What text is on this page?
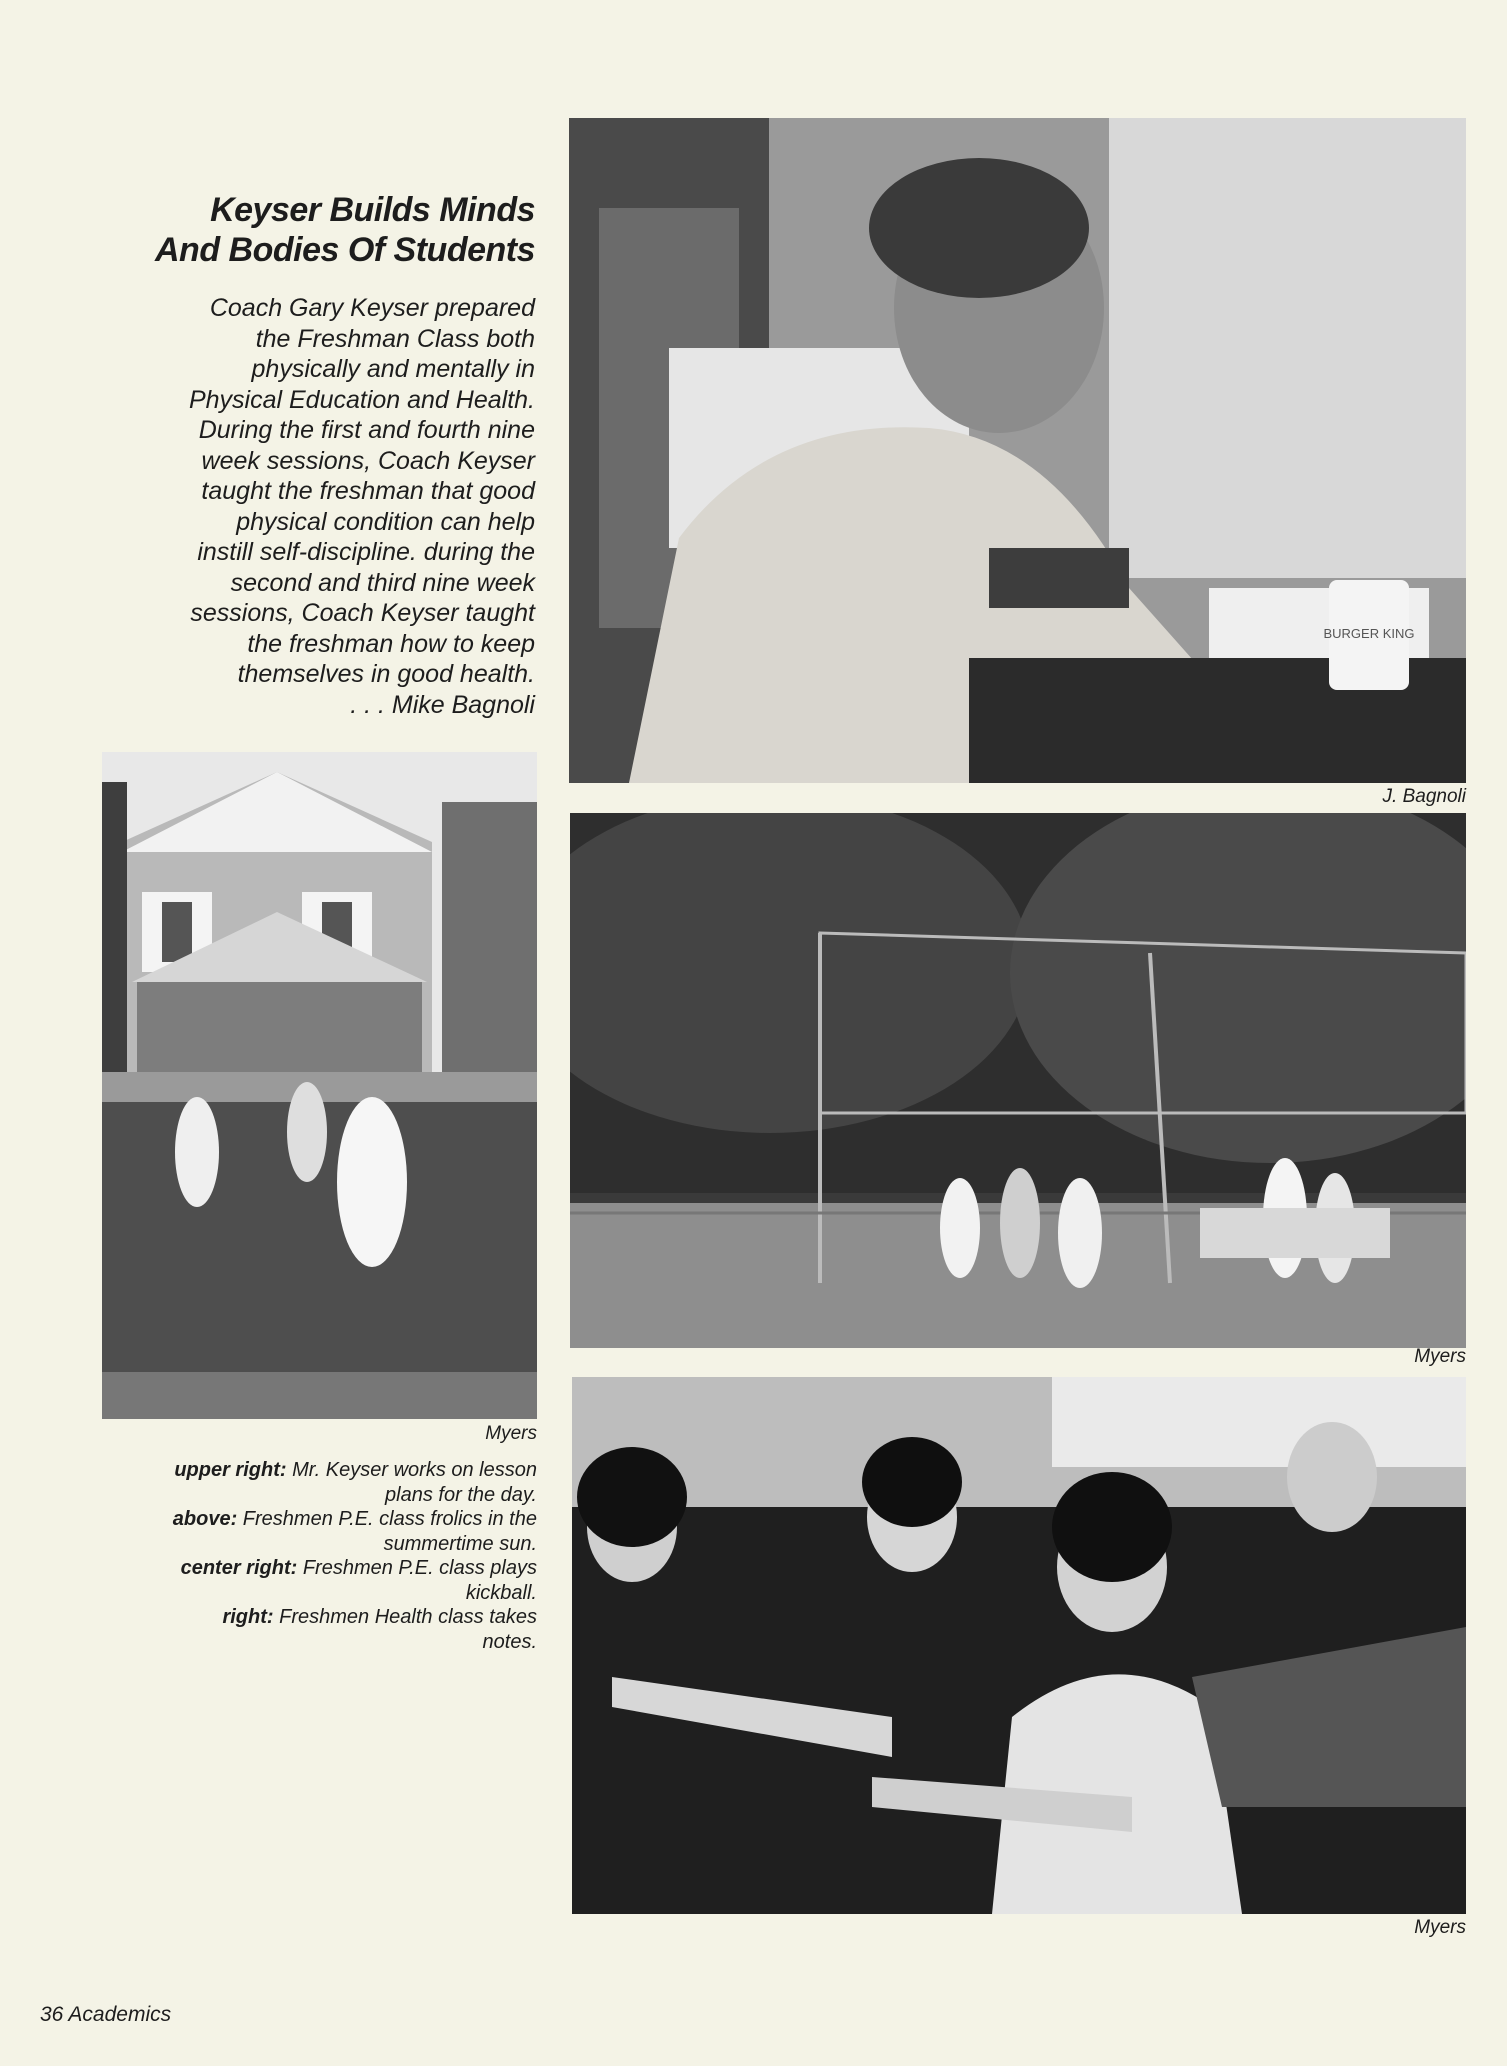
Keyser Builds Minds
And Bodies Of Students
Coach Gary Keyser prepared
the Freshman Class both
physically and mentally in
Physical Education and Health.
During the first and fourth nine
week sessions, Coach Keyser
taught the freshman that good
physical condition can help
instill self-discipline. during the
second and third nine week
sessions, Coach Keyser taught
the freshman how to keep
themselves in good health.
. . . Mike Bagnoli
BURGER KING
J. Bagnoli
Myers
Myers
Myers
upper right: Mr. Keyser works on lesson
plans for the day.
above: Freshmen P.E. class frolics in the
summertime sun.
center right: Freshmen P.E. class plays
kickball.
right: Freshmen Health class takes
notes.
36 Academics
